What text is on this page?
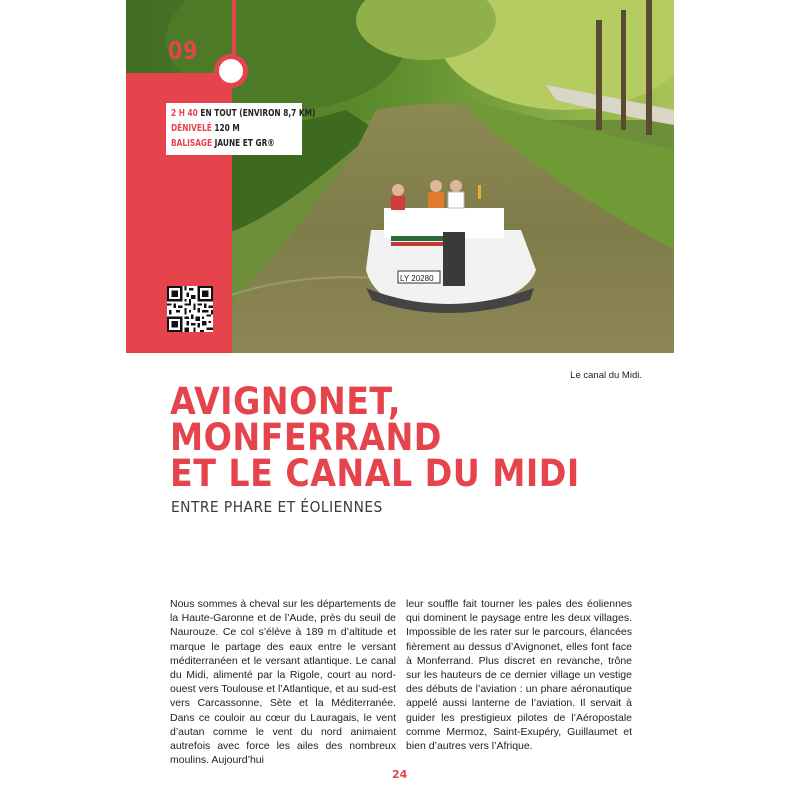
LY 20280
09
2 H 40 EN TOUT (ENVIRON 8,7 KM)
DÉNIVELÉ 120 M
BALISAGE JAUNE ET GR®
Le canal du Midi.
AVIGNONET,
MONFERRAND
ET LE CANAL DU MIDI
ENTRE PHARE ET ÉOLIENNES
Nous sommes à cheval sur les départements de la Haute-Garonne et de l’Aude, près du seuil de Naurouze. Ce col s’élève à 189 m d’altitude et marque le partage des eaux entre le versant méditerranéen et le versant atlantique. Le canal du Midi, alimenté par la Rigole, court au nord-ouest vers Toulouse et l’Atlantique, et au sud-est vers Carcassonne, Sète et la Méditerranée. Dans ce couloir au cœur du Lauragais, le vent d’autan comme le vent du nord animaient autrefois avec force les ailes des nombreux moulins. Aujourd’hui
leur souffle fait tourner les pales des éoliennes qui dominent le paysage entre les deux villages. Impossible de les rater sur le parcours, élancées fièrement au dessus d’Avignonet, elles font face à Monferrand. Plus discret en revanche, trône sur les hauteurs de ce dernier village un vestige des débuts de l’aviation : un phare aéronautique appelé aussi lanterne de l’aviation. Il servait à guider les prestigieux pilotes de l’Aéropostale comme Mermoz, Saint-Exupéry, Guillaumet et bien d’autres vers l’Afrique.
24
